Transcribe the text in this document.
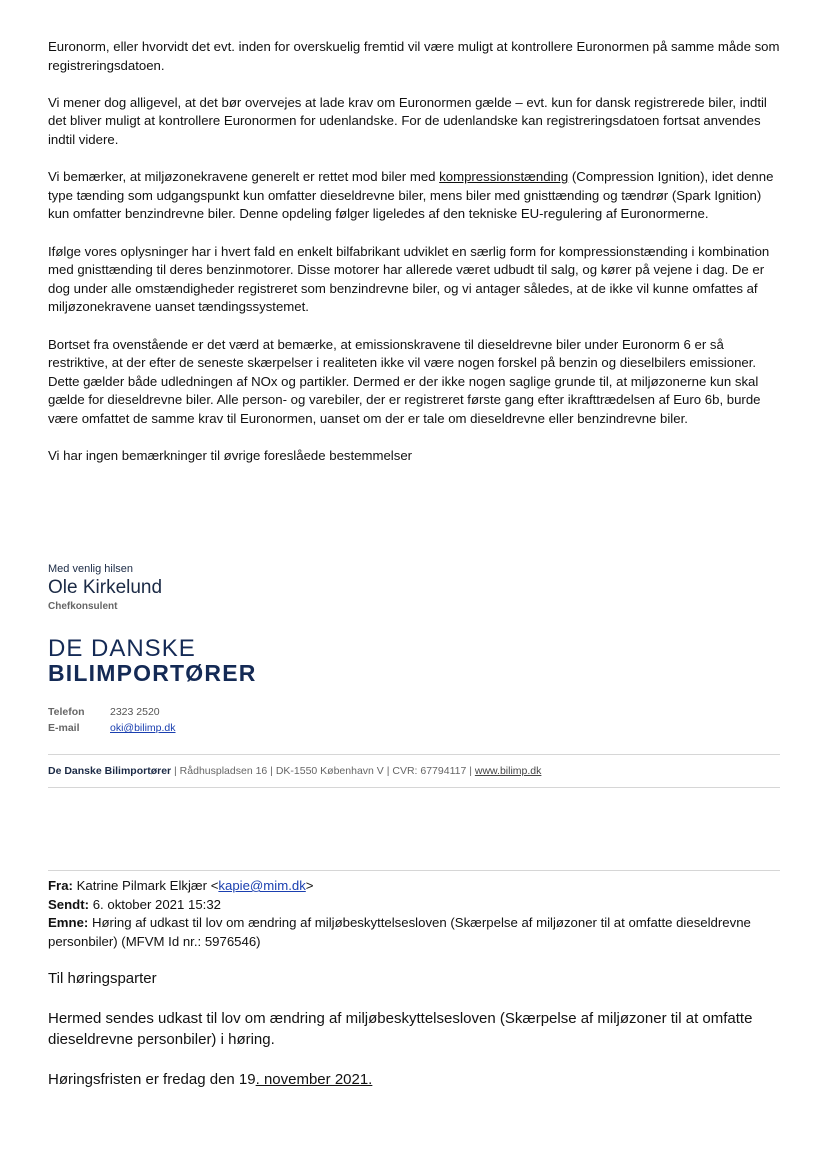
Euronorm, eller hvorvidt det evt. inden for overskuelig fremtid vil være muligt at kontrollere Euronormen på samme måde som registreringsdatoen.

Vi mener dog alligevel, at det bør overvejes at lade krav om Euronormen gælde – evt. kun for dansk registrerede biler, indtil det bliver muligt at kontrollere Euronormen for udenlandske. For de udenlandske kan registreringsdatoen fortsat anvendes indtil videre.

Vi bemærker, at miljøzonekravene generelt er rettet mod biler med kompressionstænding (Compression Ignition), idet denne type tænding som udgangspunkt kun omfatter dieseldrevne biler, mens biler med gnisttænding og tændrør (Spark Ignition) kun omfatter benzindrevne biler. Denne opdeling følger ligeledes af den tekniske EU-regulering af Euronormerne.

Ifølge vores oplysninger har i hvert fald en enkelt bilfabrikant udviklet en særlig form for kompressionstænding i kombination med gnisttænding til deres benzinmotorer. Disse motorer har allerede været udbudt til salg, og kører på vejene i dag. De er dog under alle omstændigheder registreret som benzindrevne biler, og vi antager således, at de ikke vil kunne omfattes af miljøzonekravene uanset tændingssystemet.

Bortset fra ovenstående er det værd at bemærke, at emissionskravene til dieseldrevne biler under Euronorm 6 er så restriktive, at der efter de seneste skærpelser i realiteten ikke vil være nogen forskel på benzin og dieselbilers emissioner. Dette gælder både udledningen af NOx og partikler. Dermed er der ikke nogen saglige grunde til, at miljøzonerne kun skal gælde for dieseldrevne biler. Alle person- og varebiler, der er registreret første gang efter ikrafttrædelsen af Euro 6b, burde være omfattet de samme krav til Euronormen, uanset om der er tale om dieseldrevne eller benzindrevne biler.

Vi har ingen bemærkninger til øvrige foreslåede bestemmelser

Med venlig hilsen
Ole Kirkelund
Chefkonsulent
DE DANSKE
BILIMPORTØRER
Telefon 2323 2520
E-mail	oki@bilimp.dk
De Danske Bilimportører | Rådhuspladsen 16 | DK-1550 København V | CVR: 67794117 | www.bilimp.dk
Fra: Katrine Pilmark Elkjær <kapie@mim.dk>
Sendt: 6. oktober 2021 15:32
Emne: Høring af udkast til lov om ændring af miljøbeskyttelsesloven (Skærpelse af miljøzoner til at omfatte dieseldrevne personbiler) (MFVM Id nr.: 5976546)

Til høringsparter

Hermed sendes udkast til lov om ændring af miljøbeskyttelsesloven (Skærpelse af miljøzoner til at omfatte dieseldrevne personbiler) i høring.

Høringsfristen er fredag den 19. november 2021.
